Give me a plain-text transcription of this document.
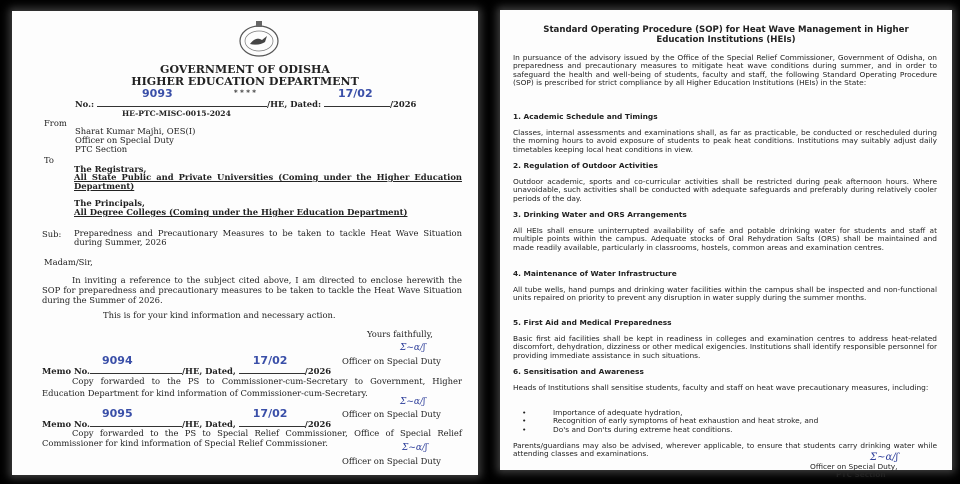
GOVERNMENT OF ODISHA
HIGHER EDUCATION DEPARTMENT
* * * *
No.:
9093
/HE, Dated:
17/02
/2026
HE-PTC-MISC-0015-2024
From
Sharat Kumar Majhi, OES(I)
Officer on Special Duty
PTC Section
To
The Registrars,
All State Public and Private Universities (Coming under the Higher Education Department)
The Principals,
All Degree Colleges (Coming under the Higher Education Department)
Sub: Preparedness and Precautionary Measures to be taken to tackle Heat Wave Situation during Summer, 2026
Madam/Sir,
In inviting a reference to the subject cited above, I am directed to enclose herewith the SOP for preparedness and precautionary measures to be taken to tackle the Heat Wave Situation during the Summer of 2026.
This is for your kind information and necessary action.
Yours faithfully,
Ʃ~ɑ/ʃ
Officer on Special Duty
Memo No.
9094
/HE, Dated,
17/02
/2026
Copy forwarded to the PS to Commissioner-cum-Secretary to Government, Higher Education Department for kind information of Commissioner-cum-Secretary.
Ʃ~ɑ/ʃ
Officer on Special Duty
Memo No.
9095
/HE, Dated,
17/02
/2026
Copy forwarded to the PS to Special Relief Commissioner, Office of Special Relief Commissioner for kind information of Special Relief Commissioner.	Ʃ~ɑ/ʃ
Officer on Special Duty
Standard Operating Procedure (SOP) for Heat Wave Management in Higher Education Institutions (HEIs)
In pursuance of the advisory issued by the Office of the Special Relief Commissioner, Government of Odisha, on preparedness and precautionary measures to mitigate heat wave conditions during summer, and in order to safeguard the health and well-being of students, faculty and staff, the following Standard Operating Procedure (SOP) is prescribed for strict compliance by all Higher Education Institutions (HEIs) in the State:
1. Academic Schedule and Timings
Classes, internal assessments and examinations shall, as far as practicable, be conducted or rescheduled during the morning hours to avoid exposure of students to peak heat conditions. Institutions may suitably adjust daily timetables keeping local heat conditions in view.
2. Regulation of Outdoor Activities
Outdoor academic, sports and co-curricular activities shall be restricted during peak afternoon hours. Where unavoidable, such activities shall be conducted with adequate safeguards and preferably during relatively cooler periods of the day.
3. Drinking Water and ORS Arrangements
All HEIs shall ensure uninterrupted availability of safe and potable drinking water for students and staff at multiple points within the campus. Adequate stocks of Oral Rehydration Salts (ORS) shall be maintained and made readily available, particularly in classrooms, hostels, common areas and examination centres.
4. Maintenance of Water Infrastructure
All tube wells, hand pumps and drinking water facilities within the campus shall be inspected and non-functional units repaired on priority to prevent any disruption in water supply during the summer months.
5. First Aid and Medical Preparedness
Basic first aid facilities shall be kept in readiness in colleges and examination centres to address heat-related discomfort, dehydration, dizziness or other medical exigencies. Institutions shall identify responsible personnel for providing immediate assistance in such situations.
6. Sensitisation and Awareness
Heads of Institutions shall sensitise students, faculty and staff on heat wave precautionary measures, including:
•	Importance of adequate hydration,
•	Recognition of early symptoms of heat exhaustion and heat stroke, and
•	Do's and Don'ts during extreme heat conditions.
Parents/guardians may also be advised, wherever applicable, to ensure that students carry drinking water while attending classes and examinations.	Ʃ~ɑ/ʃ
Officer on Special Duty,
PTC Section
